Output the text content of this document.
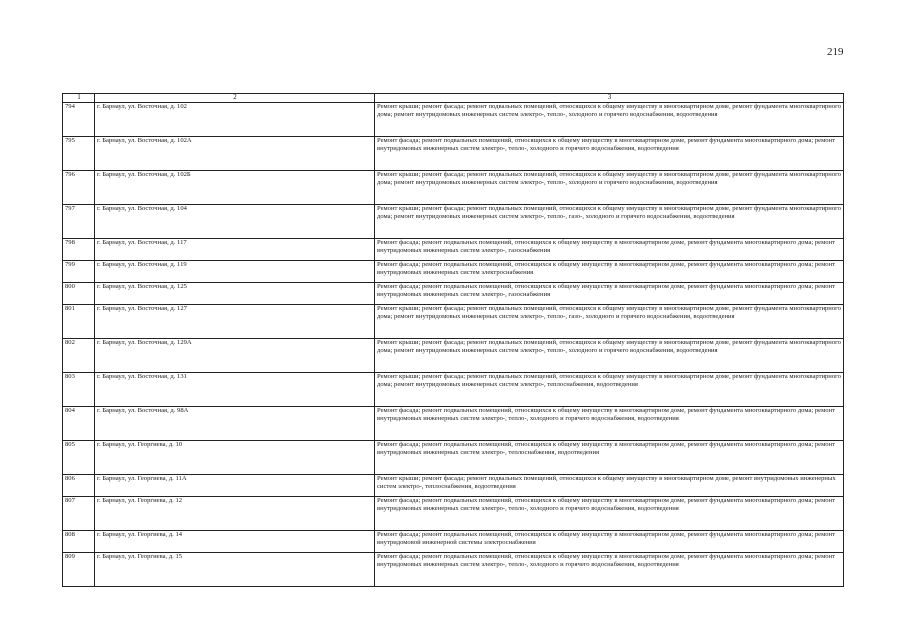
219
1	2	3
794	г. Барнаул, ул. Восточная, д. 102	Ремонт крыши; ремонт фасада; ремонт подвальных помещений, относящихся к общему имуществу в многоквартирном доме, ремонт фундамента многоквартирного дома; ремонт внутридомовых инженерных систем электро-, тепло-, холодного и горячего водоснабжения, водоотведения
795	г. Барнаул, ул. Восточная, д. 102А	Ремонт фасада; ремонт подвальных помещений, относящихся к общему имуществу в многоквартирном доме, ремонт фундамента многоквартирного дома; ремонт внутридомовых инженерных систем электро-, тепло-, холодного и горячего водоснабжения, водоотведения
796	г. Барнаул, ул. Восточная, д. 102Б	Ремонт крыши; ремонт фасада; ремонт подвальных помещений, относящихся к общему имуществу в многоквартирном доме, ремонт фундамента многоквартирного дома; ремонт внутридомовых инженерных систем электро-, тепло-, холодного и горячего водоснабжения, водоотведения
797	г. Барнаул, ул. Восточная, д. 104	Ремонт крыши; ремонт фасада; ремонт подвальных помещений, относящихся к общему имуществу в многоквартирном доме, ремонт фундамента многоквартирного дома; ремонт внутридомовых инженерных систем электро-, тепло-, газо-, холодного и горячего водоснабжения, водоотведения
798	г. Барнаул, ул. Восточная, д. 117	Ремонт фасада; ремонт подвальных помещений, относящихся к общему имуществу в многоквартирном доме, ремонт фундамента многоквартирного дома; ремонт внутридомовых инженерных систем электро-, газоснабжения
799	г. Барнаул, ул. Восточная, д. 119	Ремонт фасада; ремонт подвальных помещений, относящихся к общему имуществу в многоквартирном доме, ремонт фундамента многоквартирного дома; ремонт внутридомовых инженерных систем электроснабжения
800	г. Барнаул, ул. Восточная, д. 125	Ремонт фасада; ремонт подвальных помещений, относящихся к общему имуществу в многоквартирном доме, ремонт фундамента многоквартирного дома; ремонт внутридомовых инженерных систем электро-, газоснабжения
801	г. Барнаул, ул. Восточная, д. 127	Ремонт крыши; ремонт фасада; ремонт подвальных помещений, относящихся к общему имуществу в многоквартирном доме, ремонт фундамента многоквартирного дома; ремонт внутридомовых инженерных систем электро-, тепло-, газо-, холодного и горячего водоснабжения, водоотведения
802	г. Барнаул, ул. Восточная, д. 129А	Ремонт крыши; ремонт фасада; ремонт подвальных помещений, относящихся к общему имуществу в многоквартирном доме, ремонт фундамента многоквартирного дома; ремонт внутридомовых инженерных систем электро-, тепло-, холодного и горячего водоснабжения, водоотведения
803	г. Барнаул, ул. Восточная, д. 131	Ремонт крыши; ремонт фасада; ремонт подвальных помещений, относящихся к общему имуществу в многоквартирном доме, ремонт фундамента многоквартирного дома; ремонт внутридомовых инженерных систем электро-, теплоснабжения, водоотведения
804	г. Барнаул, ул. Восточная, д. 98А	Ремонт фасада; ремонт подвальных помещений, относящихся к общему имуществу в многоквартирном доме, ремонт фундамента многоквартирного дома; ремонт внутридомовых инженерных систем электро-, тепло-, холодного и горячего водоснабжения, водоотведения
805	г. Барнаул, ул. Георгиева, д. 10	Ремонт фасада; ремонт подвальных помещений, относящихся к общему имуществу в многоквартирном доме, ремонт фундамента многоквартирного дома; ремонт внутридомовых инженерных систем электро-, теплоснабжения, водоотведения
806	г. Барнаул, ул. Георгиева, д. 11А	Ремонт крыши; ремонт фасада; ремонт подвальных помещений, относящихся к общему имуществу в многоквартирном доме, ремонт внутридомовых инженерных систем электро-, теплоснабжения, водоотведения
807	г. Барнаул, ул. Георгиева, д. 12	Ремонт фасада; ремонт подвальных помещений, относящихся к общему имуществу в многоквартирном доме, ремонт фундамента многоквартирного дома; ремонт внутридомовых инженерных систем электро-, тепло-, холодного и горячего водоснабжения, водоотведения
808	г. Барнаул, ул. Георгиева, д. 14	Ремонт фасада; ремонт подвальных помещений, относящихся к общему имуществу в многоквартирном доме, ремонт фундамента многоквартирного дома; ремонт внутридомовой инженерной системы электроснабжения
809	г. Барнаул, ул. Георгиева, д. 15	Ремонт фасада; ремонт подвальных помещений, относящихся к общему имуществу в многоквартирном доме, ремонт фундамента многоквартирного дома; ремонт внутридомовых инженерных систем электро-, тепло-, холодного и горячего водоснабжения, водоотведения
